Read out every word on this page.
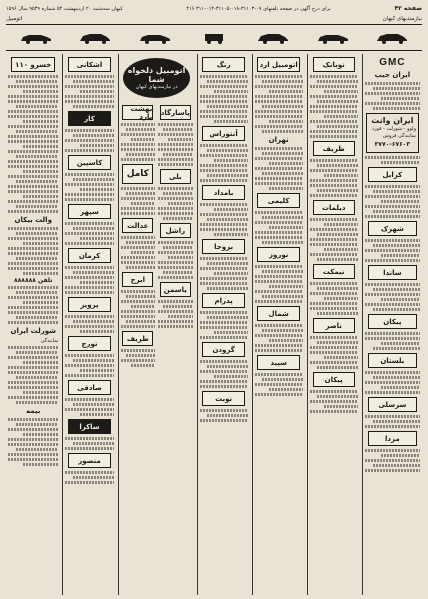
صفحه ۴۲
برای درج آگهی در صفحه تلفنهای ۰۷-۳۱۱۰۳-۰۱۸-۳۱۱۰۵-۰۱۴-۳۱۱ ۴۱۶
کیهان سه‌شنبه ۲۰ اردیبهشت ۵۴ شماره ۹۵۳۹ سال ۱۵۹۶
نیازمندیهای کیهان
اتومبیل
GMC
ایران جیپ
ایران وانت
ولوو - شورلت - فورد
نمایندگی فروش
۳۷۷۰-۶۷۶۰۳
کرایل
شهرک
ساندا
پیکان
بلستان
سرسلی
مزدا
نوبانک
ظریف
دیلمات
نیمکت
ناصر
پیکان
اتومبیل ارد
تهران
کلیمی
نوروز
شمال
سپید
رنگ
آنتوراس
بامداد
بروجا
پدرام
گرودن
نوبت
اتومبیل دلخواه شما
در نیازمندیهای کیهان
بهشت پارد
کامل
عدالت
ایرج
طریف
پاسارگاد
بلی
راشل
یاسمن
اشکانی
کار
کاسپین
سپهر
کرمان
پرویز
تورج
صادقی
ساکرا
منصور
خسرو ۱۱۰
والت بیکان
تلفن ۸۸۸۸۸۸
شورلت ایران
نمایندگی
بیمه
